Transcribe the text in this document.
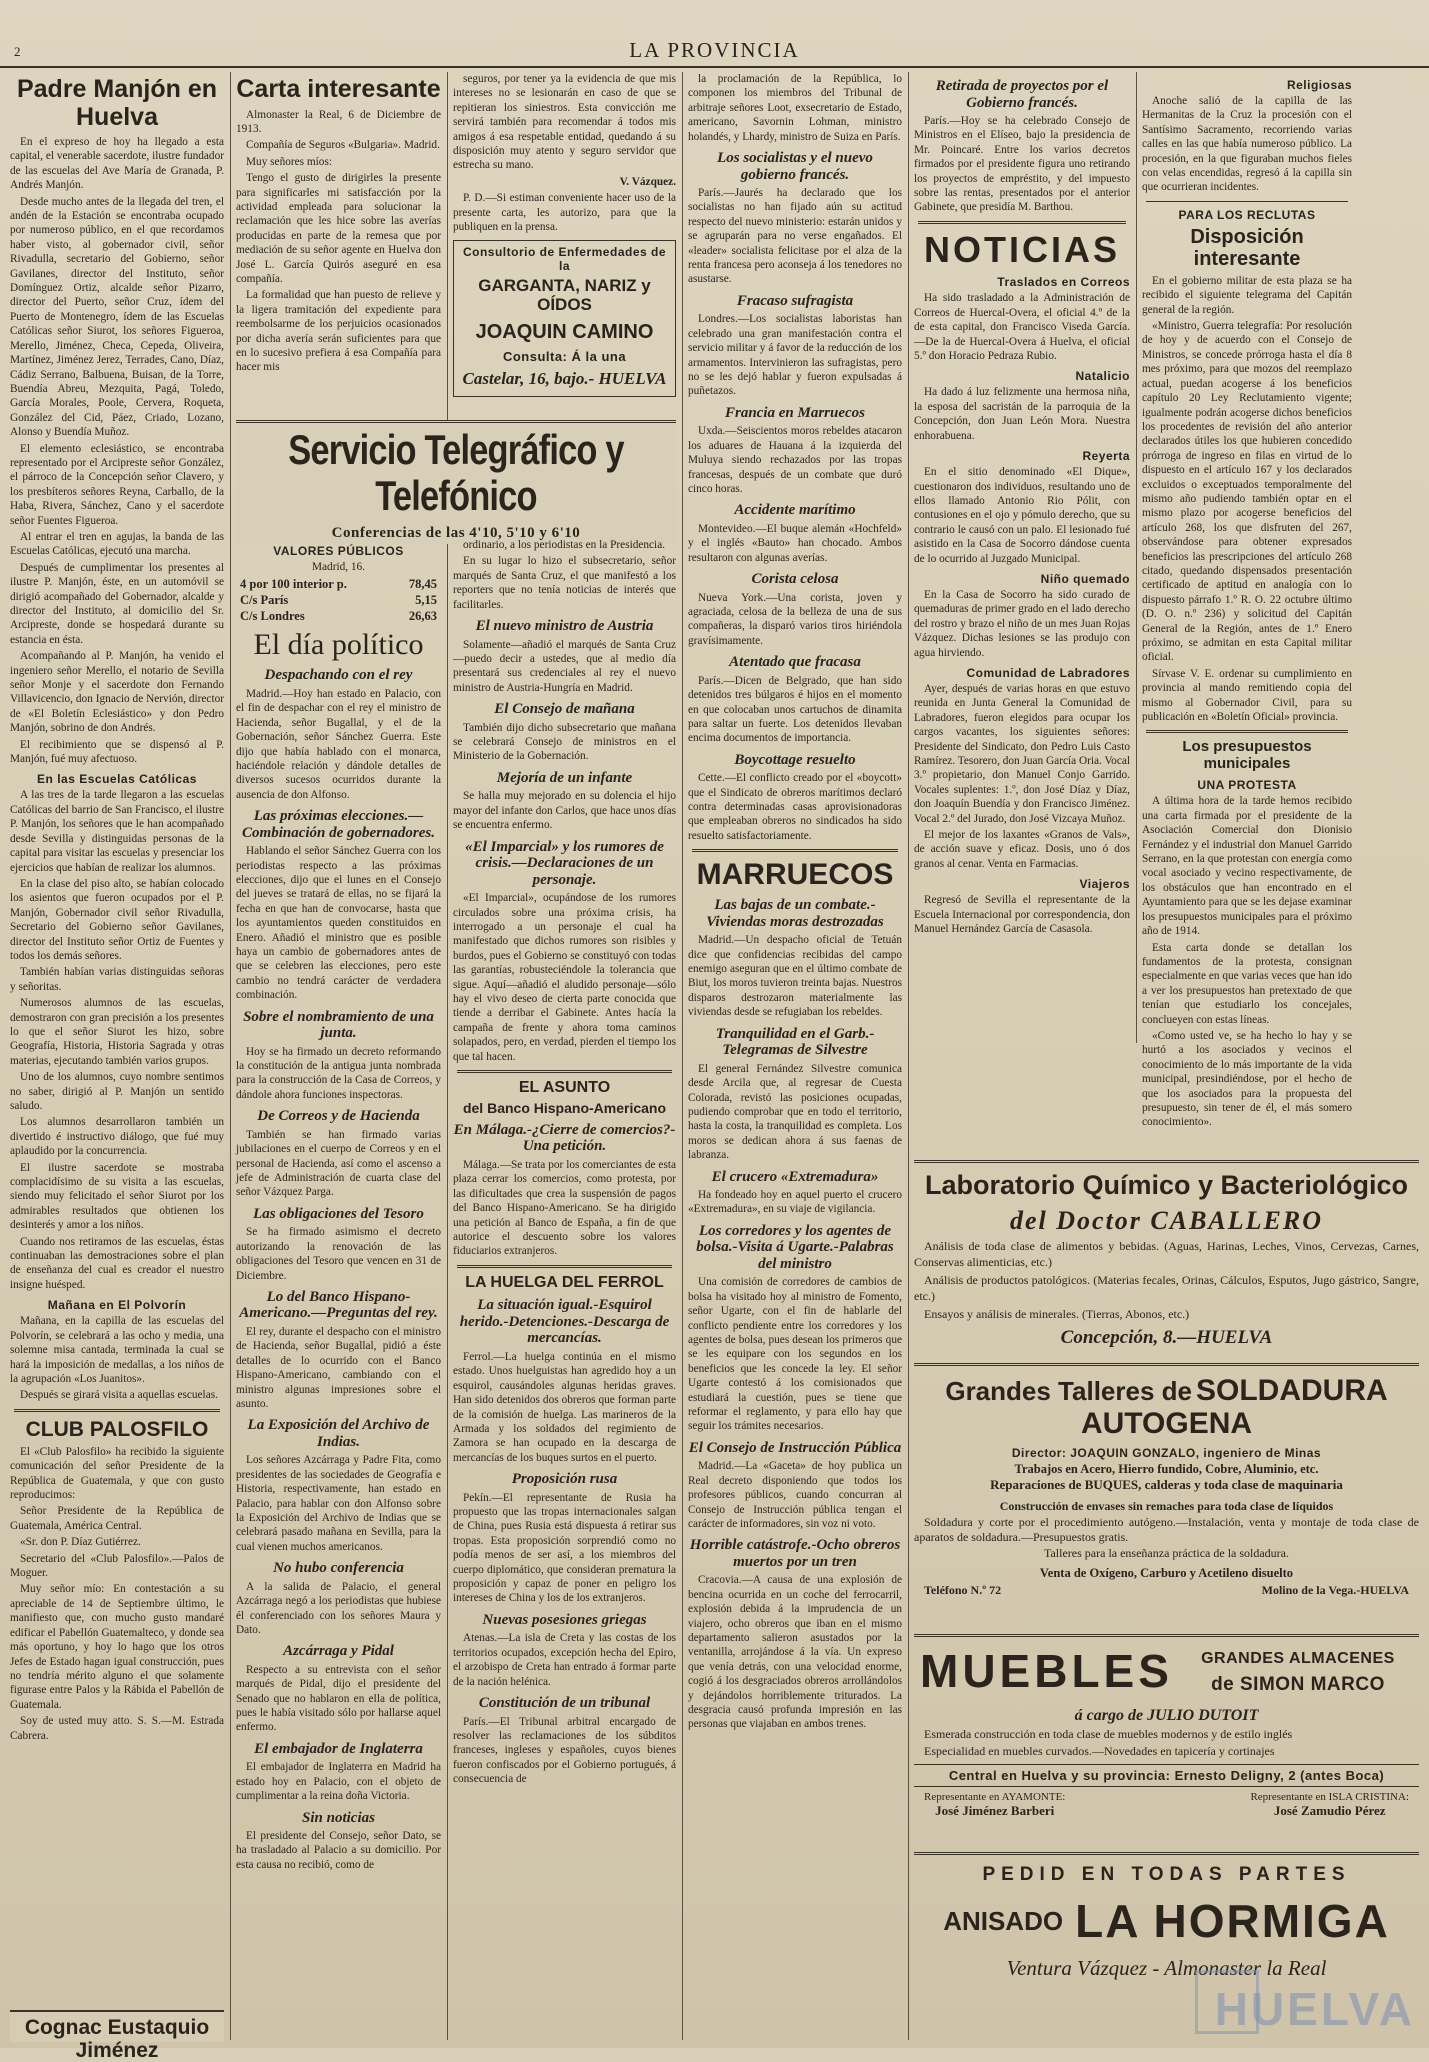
2	LA PROVINCIA
Padre Manjón en Huelva

En el expreso de hoy ha llegado a esta capital, el venerable sacerdote, ilustre fundador de las escuelas del Ave María de Granada, P. Andrés Manjón.

Desde mucho antes de la llegada del tren, el andén de la Estación se encontraba ocupado por numeroso público, en el que recordamos haber visto, al gobernador civil, señor Rivadulla, secretario del Gobierno, señor Gavilanes, director del Instituto, señor Domínguez Ortiz, alcalde señor Pizarro, director del Puerto, señor Cruz, ídem del Puerto de Montenegro, ídem de las Escuelas Católicas señor Siurot, los señores Figueroa, Merello, Jiménez, Checa, Cepeda, Oliveira, Martínez, Jiménez Jerez, Terrades, Cano, Díaz, Cádiz Serrano, Balbuena, Buisan, de la Torre, Buendía Abreu, Mezquita, Pagá, Toledo, García Morales, Poole, Cervera, Roqueta, González del Cid, Páez, Criado, Lozano, Alonso y Buendía Muñoz.

El elemento eclesiástico, se encontraba representado por el Arcipreste señor González, el párroco de la Concepción señor Clavero, y los presbíteros señores Reyna, Carballo, de la Haba, Rivera, Sánchez, Cano y el sacerdote señor Fuentes Figueroa.

Al entrar el tren en agujas, la banda de las Escuelas Católicas, ejecutó una marcha.

Después de cumplimentar los presentes al ilustre P. Manjón, éste, en un automóvil se dirigió acompañado del Gobernador, alcalde y director del Instituto, al domicilio del Sr. Arcipreste, donde se hospedará durante su estancia en ésta.

Acompañando al P. Manjón, ha venido el ingeniero señor Merello, el notario de Sevilla señor Monje y el sacerdote don Fernando Villavicencio, don Ignacio de Nervión, director de «El Boletín Eclesiástico» y don Pedro Manjón, sobrino de don Andrés.

El recibimiento que se dispensó al P. Manjón, fué muy afectuoso.

En las Escuelas Católicas

A las tres de la tarde llegaron a las escuelas Católicas del barrio de San Francisco, el ilustre P. Manjón, los señores que le han acompañado desde Sevilla y distinguidas personas de la capital para visitar las escuelas y presenciar los ejercicios que habían de realizar los alumnos.

En la clase del piso alto, se habían colocado los asientos que fueron ocupados por el P. Manjón, Gobernador civil señor Rivadulla, Secretario del Gobierno señor Gavilanes, director del Instituto señor Ortiz de Fuentes y todos los demás señores.

También habían varias distinguidas señoras y señoritas.

Numerosos alumnos de las escuelas, demostraron con gran precisión a los presentes lo que el señor Siurot les hizo, sobre Geografía, Historia, Historia Sagrada y otras materias, ejecutando también varios grupos.

Uno de los alumnos, cuyo nombre sentimos no saber, dirigió al P. Manjón un sentido saludo.

Los alumnos desarrollaron también un divertido é instructivo diálogo, que fué muy aplaudido por la concurrencia.

El ilustre sacerdote se mostraba complacidísimo de su visita a las escuelas, siendo muy felicitado el señor Siurot por los admirables resultados que obtienen los desinterés y amor a los niños.

Cuando nos retiramos de las escuelas, éstas continuaban las demostraciones sobre el plan de enseñanza del cual es creador el nuestro insigne huésped.

Mañana en El Polvorín

Mañana, en la capilla de las escuelas del Polvorín, se celebrará a las ocho y media, una solemne misa cantada, terminada la cual se hará la imposición de medallas, a los niños de la agrupación «Los Juanitos».

Después se girará visita a aquellas escuelas.

CLUB PALOSFILO

El «Club Palosfilo» ha recibido la siguiente comunicación del señor Presidente de la República de Guatemala, y que con gusto reproducimos:

Señor Presidente de la República de Guatemala, América Central.

«Sr. don P. Díaz Gutiérrez.

Secretario del «Club Palosfilo».—Palos de Moguer.

Muy señor mío: En contestación a su apreciable de 14 de Septiembre último, le manifiesto que, con mucho gusto mandaré edificar el Pabellón Guatemalteco, y donde sea más oportuno, y hoy lo hago que los otros Jefes de Estado hagan igual construcción, pues no tendría mérito alguno el que solamente figurase entre Palos y la Rábida el Pabellón de Guatemala.

Soy de usted muy atto. S. S.—M. Estrada Cabrera.

Cognac Eustaquio Jiménez
Carta interesante

Almonaster la Real, 6 de Diciembre de 1913.

Compañía de Seguros «Bulgaria». Madrid.

Muy señores míos:

Tengo el gusto de dirigirles la presente para significarles mi satisfacción por la actividad empleada para solucionar la reclamación que les hice sobre las averías producidas en parte de la remesa que por mediación de su señor agente en Huelva don José L. García Quirós aseguré en esa compañía.

La formalidad que han puesto de relieve y la ligera tramitación del expediente para reembolsarme de los perjuicios ocasionados por dicha avería serán suficientes para que en lo sucesivo prefiera á esa Compañía para hacer mis

Servicio Telegráfico y Telefónico
Conferencias de las 4'10, 5'10 y 6'10
VALORES PÚBLICOS

Madrid, 16.

4 por 100 interior p.	78,45
C/s París	5,15
C/s Londres	26,63
El día político
Despachando con el rey

Madrid.—Hoy han estado en Palacio, con el fin de despachar con el rey el ministro de Hacienda, señor Bugallal, y el de la Gobernación, señor Sánchez Guerra. Este dijo que había hablado con el monarca, haciéndole relación y dándole detalles de diversos sucesos ocurridos durante la ausencia de don Alfonso.

Las próximas elecciones.—Combinación de gobernadores.

Hablando el señor Sánchez Guerra con los periodistas respecto a las próximas elecciones, dijo que el lunes en el Consejo del jueves se tratará de ellas, no se fijará la fecha en que han de convocarse, hasta que los ayuntamientos queden constituidos en Enero. Añadió el ministro que es posible haya un cambio de gobernadores antes de que se celebren las elecciones, pero este cambio no tendrá carácter de verdadera combinación.

Sobre el nombramiento de una junta.

Hoy se ha firmado un decreto reformando la constitución de la antigua junta nombrada para la construcción de la Casa de Correos, y dándole ahora funciones inspectoras.

De Correos y de Hacienda

También se han firmado varias jubilaciones en el cuerpo de Correos y en el personal de Hacienda, así como el ascenso a jefe de Administración de cuarta clase del señor Vázquez Parga.

Las obligaciones del Tesoro

Se ha firmado asimismo el decreto autorizando la renovación de las obligaciones del Tesoro que vencen en 31 de Diciembre.

Lo del Banco Hispano-Americano.—Preguntas del rey.

El rey, durante el despacho con el ministro de Hacienda, señor Bugallal, pidió a éste detalles de lo ocurrido con el Banco Hispano-Americano, cambiando con el ministro algunas impresiones sobre el asunto.

La Exposición del Archivo de Indias.

Los señores Azcárraga y Padre Fita, como presidentes de las sociedades de Geografía e Historia, respectivamente, han estado en Palacio, para hablar con don Alfonso sobre la Exposición del Archivo de Indias que se celebrará pasado mañana en Sevilla, para la cual vienen muchos americanos.

No hubo conferencia

A la salida de Palacio, el general Azcárraga negó a los periodistas que hubiese él conferenciado con los señores Maura y Dato.

Azcárraga y Pidal

Respecto a su entrevista con el señor marqués de Pidal, dijo el presidente del Senado que no hablaron en ella de política, pues le había visitado sólo por hallarse aquel enfermo.

El embajador de Inglaterra

El embajador de Inglaterra en Madrid ha estado hoy en Palacio, con el objeto de cumplimentar a la reina doña Victoria.

Sin noticias

El presidente del Consejo, señor Dato, se ha trasladado al Palacio a su domicilio. Por esta causa no recibió, como de

seguros, por tener ya la evidencia de que mis intereses no se lesionarán en caso de que se repitieran los siniestros. Esta convicción me servirá también para recomendar á todos mis amigos á esa respetable entidad, quedando á su disposición muy atento y seguro servidor que estrecha su mano.

V. Vázquez.

P. D.—Si estiman conveniente hacer uso de la presente carta, les autorizo, para que la publiquen en la prensa.

Consultorio de Enfermedades de la
GARGANTA, NARIZ y OÍDOS
JOAQUIN CAMINO
Consulta: Á la una
Castelar, 16, bajo.- HUELVA

ordinario, a los periodistas en la Presidencia.

En su lugar lo hizo el subsecretario, señor marqués de Santa Cruz, el que manifestó a los reporters que no tenía noticias de interés que facilitarles.

El nuevo ministro de Austria

Solamente—añadió el marqués de Santa Cruz—puedo decir a ustedes, que al medio día presentará sus credenciales al rey el nuevo ministro de Austria-Hungría en Madrid.

El Consejo de mañana

También dijo dicho subsecretario que mañana se celebrará Consejo de ministros en el Ministerio de la Gobernación.

Mejoría de un infante

Se halla muy mejorado en su dolencia el hijo mayor del infante don Carlos, que hace unos días se encuentra enfermo.

«El Imparcial» y los rumores de crisis.—Declaraciones de un personaje.

«El Imparcial», ocupándose de los rumores circulados sobre una próxima crisis, ha interrogado a un personaje el cual ha manifestado que dichos rumores son risibles y burdos, pues el Gobierno se constituyó con todas las garantías, robusteciéndole la tolerancia que sigue. Aquí—añadió el aludido personaje—sólo hay el vivo deseo de cierta parte conocida que tiende a derribar el Gabinete. Antes hacía la campaña de frente y ahora toma caminos solapados, pero, en verdad, pierden el tiempo los que tal hacen.

EL ASUNTO
del Banco Hispano-Americano
En Málaga.-¿Cierre de comercios?-Una petición.

Málaga.—Se trata por los comerciantes de esta plaza cerrar los comercios, como protesta, por las dificultades que crea la suspensión de pagos del Banco Hispano-Americano. Se ha dirigido una petición al Banco de España, a fin de que autorice el descuento sobre los valores fiduciarios extranjeros.

LA HUELGA DEL FERROL
La situación igual.-Esquirol herido.-Detenciones.-Descarga de mercancías.

Ferrol.—La huelga continúa en el mismo estado. Unos huelguistas han agredido hoy a un esquirol, causándoles algunas heridas graves. Han sido detenidos dos obreros que forman parte de la comisión de huelga. Las marineros de la Armada y los soldados del regimiento de Zamora se han ocupado en la descarga de mercancías de los buques surtos en el puerto.

Proposición rusa

Pekín.—El representante de Rusia ha propuesto que las tropas internacionales salgan de China, pues Rusia está dispuesta á retirar sus tropas. Esta proposición sorprendió como no podía menos de ser así, a los miembros del cuerpo diplomático, que consideran prematura la proposición y capaz de poner en peligro los intereses de China y los de los extranjeros.

Nuevas posesiones griegas

Atenas.—La isla de Creta y las costas de los territorios ocupados, excepción hecha del Epiro, el arzobispo de Creta han entrado á formar parte de la nación helénica.

Constitución de un tribunal

París.—El Tribunal arbitral encargado de resolver las reclamaciones de los súbditos franceses, ingleses y españoles, cuyos bienes fueron confiscados por el Gobierno portugués, á consecuencia de

la proclamación de la República, lo componen los miembros del Tribunal de arbitraje señores Loot, exsecretario de Estado, americano, Savornin Lohman, ministro holandés, y Lhardy, ministro de Suiza en París.

Los socialistas y el nuevo gobierno francés.

París.—Jaurés ha declarado que los socialistas no han fijado aún su actitud respecto del nuevo ministerio: estarán unidos y se agruparán para no verse engañados. El «leader» socialista felicitase por el alza de la renta francesa pero aconseja á los tenedores no asustarse.

Fracaso sufragista

Londres.—Los socialistas laboristas han celebrado una gran manifestación contra el servicio militar y á favor de la reducción de los armamentos. Intervinieron las sufragistas, pero no se les dejó hablar y fueron expulsadas á puñetazos.

Francia en Marruecos

Uxda.—Seiscientos moros rebeldes atacaron los aduares de Hauana á la izquierda del Muluya siendo rechazados por las tropas francesas, después de un combate que duró cinco horas.

Accidente marítimo

Montevideo.—El buque alemán «Hochfeld» y el inglés «Bauto» han chocado. Ambos resultaron con algunas averías.

Corista celosa

Nueva York.—Una corista, joven y agraciada, celosa de la belleza de una de sus compañeras, la disparó varios tiros hiriéndola gravísimamente.

Atentado que fracasa

París.—Dicen de Belgrado, que han sido detenidos tres búlgaros é hijos en el momento en que colocaban unos cartuchos de dinamita para saltar un fuerte. Los detenidos llevaban encima documentos de importancia.

Boycottage resuelto

Cette.—El conflicto creado por el «boycott» que el Sindicato de obreros marítimos declaró contra determinadas casas aprovisionadoras que empleaban obreros no sindicados ha sido resuelto satisfactoriamente.

MARRUECOS
Las bajas de un combate.-Viviendas moras destrozadas

Madrid.—Un despacho oficial de Tetuán dice que confidencias recibidas del campo enemigo aseguran que en el último combate de Biut, los moros tuvieron treinta bajas. Nuestros disparos destrozaron materialmente las viviendas desde se refugiaban los rebeldes.

Tranquilidad en el Garb.-Telegramas de Silvestre

El general Fernández Silvestre comunica desde Arcila que, al regresar de Cuesta Colorada, revistó las posiciones ocupadas, pudiendo comprobar que en todo el territorio, hasta la costa, la tranquilidad es completa. Los moros se dedican ahora á sus faenas de labranza.

El crucero «Extremadura»

Ha fondeado hoy en aquel puerto el crucero «Extremadura», en su viaje de vigilancia.

Los corredores y los agentes de bolsa.-Visita á Ugarte.-Palabras del ministro

Una comisión de corredores de cambios de bolsa ha visitado hoy al ministro de Fomento, señor Ugarte, con el fin de hablarle del conflicto pendiente entre los corredores y los agentes de bolsa, pues desean los primeros que se les equipare con los segundos en los beneficios que les concede la ley. El señor Ugarte contestó á los comisionados que estudiará la cuestión, pues se tiene que reformar el reglamento, y para ello hay que seguir los trámites necesarios.

El Consejo de Instrucción Pública

Madrid.—La «Gaceta» de hoy publica un Real decreto disponiendo que todos los profesores públicos, cuando concurran al Consejo de Instrucción pública tengan el carácter de informadores, sin voz ni voto.

Horrible catástrofe.-Ocho obreros muertos por un tren

Cracovia.—A causa de una explosión de bencina ocurrida en un coche del ferrocarril, explosión debida á la imprudencia de un viajero, ocho obreros que iban en el mismo departamento salieron asustados por la ventanilla, arrojándose á la vía. Un expreso que venía detrás, con una velocidad enorme, cogió á los desgraciados obreros arrollándolos y dejándolos horriblemente triturados. La desgracia causó profunda impresión en las personas que viajaban en ambos trenes.

Retirada de proyectos por el Gobierno francés.

París.—Hoy se ha celebrado Consejo de Ministros en el Elíseo, bajo la presidencia de Mr. Poincaré. Entre los varios decretos firmados por el presidente figura uno retirando los proyectos de empréstito, y del impuesto sobre las rentas, presentados por el anterior Gabinete, que presidía M. Barthou.

NOTICIAS
Traslados en Correos

Ha sido trasladado a la Administración de Correos de Huercal-Overa, el oficial 4.º de la de esta capital, don Francisco Viseda García. —De la de Huercal-Overa á Huelva, el oficial 5.º don Horacio Pedraza Rubio.

Natalicio

Ha dado á luz felizmente una hermosa niña, la esposa del sacristán de la parroquia de la Concepción, don Juan León Mora. Nuestra enhorabuena.

Reyerta

En el sitio denominado «El Dique», cuestionaron dos individuos, resultando uno de ellos llamado Antonio Rio Pólit, con contusiones en el ojo y pómulo derecho, que su contrario le causó con un palo. El lesionado fué asistido en la Casa de Socorro dándose cuenta de lo ocurrido al Juzgado Municipal.

Niño quemado

En la Casa de Socorro ha sido curado de quemaduras de primer grado en el lado derecho del rostro y brazo el niño de un mes Juan Rojas Vázquez. Dichas lesiones se las produjo con agua hirviendo.

Comunidad de Labradores

Ayer, después de varias horas en que estuvo reunida en Junta General la Comunidad de Labradores, fueron elegidos para ocupar los cargos vacantes, los siguientes señores: Presidente del Sindicato, don Pedro Luis Casto Ramírez. Tesorero, don Juan García Oria. Vocal 3.º propietario, don Manuel Conjo Garrido. Vocales suplentes: 1.º, don José Díaz y Díaz, don Joaquín Buendía y don Francisco Jiménez. Vocal 2.º del Jurado, don José Vizcaya Muñoz.

El mejor de los laxantes «Granos de Vals», de acción suave y eficaz. Dosis, uno ó dos granos al cenar. Venta en Farmacias.

Viajeros

Regresó de Sevilla el representante de la Escuela Internacional por correspondencia, don Manuel Hernández García de Casasola.

Religiosas

Anoche salió de la capilla de las Hermanitas de la Cruz la procesión con el Santísimo Sacramento, recorriendo varias calles en las que había numeroso público. La procesión, en la que figuraban muchos fieles con velas encendidas, regresó á la capilla sin que ocurrieran incidentes.

PARA LOS RECLUTAS
Disposición interesante

En el gobierno militar de esta plaza se ha recibido el siguiente telegrama del Capitán general de la región.

«Ministro, Guerra telegrafía: Por resolución de hoy y de acuerdo con el Consejo de Ministros, se concede prórroga hasta el día 8 mes próximo, para que mozos del reemplazo actual, puedan acogerse á los beneficios capítulo 20 Ley Reclutamiento vigente; igualmente podrán acogerse dichos beneficios los procedentes de revisión del año anterior declarados útiles los que hubieren concedido prórroga de ingreso en filas en virtud de lo dispuesto en el artículo 167 y los declarados excluidos o exceptuados temporalmente del mismo año pudiendo también optar en el mismo plazo por acogerse beneficios del artículo 268, los que disfruten del 267, observándose para obtener expresados beneficios las prescripciones del artículo 268 citado, quedando dispensados presentación certificado de aptitud en analogía con lo dispuesto párrafo 1.º R. O. 22 octubre último (D. O. n.º 236) y solicitud del Capitán General de la Región, antes de 1.º Enero próximo, se admitan en esta Capital militar oficial.

Sírvase V. E. ordenar su cumplimiento en provincia al mando remitiendo copia del mismo al Gobernador Civil, para su publicación en «Boletín Oficial» provincia.

Los presupuestos municipales
UNA PROTESTA

A última hora de la tarde hemos recibido una carta firmada por el presidente de la Asociación Comercial don Dionisio Fernández y el industrial don Manuel Garrido Serrano, en la que protestan con energía como vocal asociado y vecino respectivamente, de los obstáculos que han encontrado en el Ayuntamiento para que se les dejase examinar los presupuestos municipales para el próximo año de 1914.

Esta carta donde se detallan los fundamentos de la protesta, consignan especialmente en que varias veces que han ido a ver los presupuestos han pretextado de que tenían que estudiarlo los concejales, conclueyen con estas líneas.

«Como usted ve, se ha hecho lo hay y se hurtó a los asociados y vecinos el conocimiento de lo más importante de la vida municipal, presindiéndose, por el hecho de que los asociados para la propuesta del presupuesto, sin tener de él, el más somero conocimiento».

Laboratorio Químico y Bacteriológico
del Doctor CABALLERO

Análisis de toda clase de alimentos y bebidas. (Aguas, Harinas, Leches, Vinos, Cervezas, Carnes, Conservas alimenticias, etc.)

Análisis de productos patológicos. (Materias fecales, Orinas, Cálculos, Esputos, Jugo gástrico, Sangre, etc.)

Ensayos y análisis de minerales. (Tierras, Abonos, etc.)

Concepción, 8.—HUELVA
Grandes Talleres de SOLDADURA AUTOGENA
Director: JOAQUIN GONZALO, ingeniero de Minas

Trabajos en Acero, Hierro fundido, Cobre, Aluminio, etc.

Reparaciones de BUQUES, calderas y toda clase de maquinaria

Construcción de envases sin remaches para toda clase de líquidos

Soldadura y corte por el procedimiento autógeno.—Instalación, venta y montaje de toda clase de aparatos de soldadura.—Presupuestos gratis.

Talleres para la enseñanza práctica de la soldadura.

Venta de Oxígeno, Carburo y Acetileno disuelto

Teléfono N.º 72	Molino de la Vega.-HUELVA
MUEBLES	GRANDES ALMACENES
de SIMON MARCO
á cargo de JULIO DUTOIT

Esmerada construcción en toda clase de muebles modernos y de estilo inglés

Especialidad en muebles curvados.—Novedades en tapicería y cortinajes

Central en Huelva y su provincia: Ernesto Deligny, 2 (antes Boca)
Representante en AYAMONTE:
José Jiménez Barberi
Representante en ISLA CRISTINA:
José Zamudio Pérez
PEDID EN TODAS PARTES
ANISADO LA HORMIGA
Ventura Vázquez - Almonaster la Real
HUELVA
